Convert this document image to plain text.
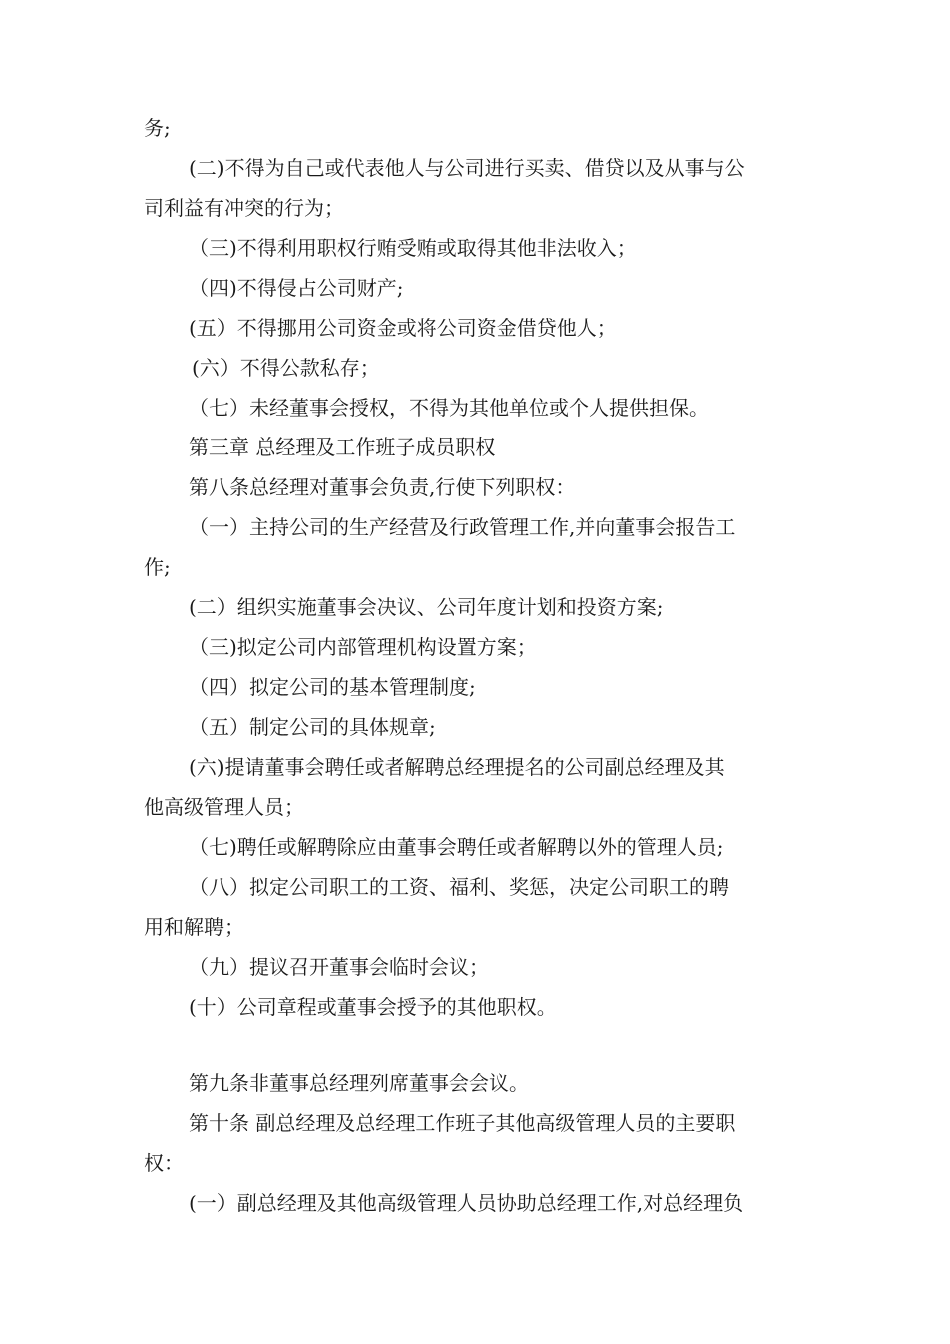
务;
(二)不得为自己或代表他人与公司进行买卖、借贷以及从事与公
司利益有冲突的行为；
（三)不得利用职权行贿受贿或取得其他非法收入；
（四)不得侵占公司财产;
(五）不得挪用公司资金或将公司资金借贷他人；
(六）不得公款私存；
（七）未经董事会授权，不得为其他单位或个人提供担保。
第三章 总经理及工作班子成员职权
第八条总经理对董事会负责,行使下列职权：
（一）主持公司的生产经营及行政管理工作,并向董事会报告工
作;
(二）组织实施董事会决议、公司年度计划和投资方案;
（三)拟定公司内部管理机构设置方案；
（四）拟定公司的基本管理制度;
（五）制定公司的具体规章;
(六)提请董事会聘任或者解聘总经理提名的公司副总经理及其
他高级管理人员；
（七)聘任或解聘除应由董事会聘任或者解聘以外的管理人员;
（八）拟定公司职工的工资、福利、奖惩，决定公司职工的聘
用和解聘；
（九）提议召开董事会临时会议；
(十）公司章程或董事会授予的其他职权。
第九条非董事总经理列席董事会会议。
第十条 副总经理及总经理工作班子其他高级管理人员的主要职
权：
(一）副总经理及其他高级管理人员协助总经理工作,对总经理负
